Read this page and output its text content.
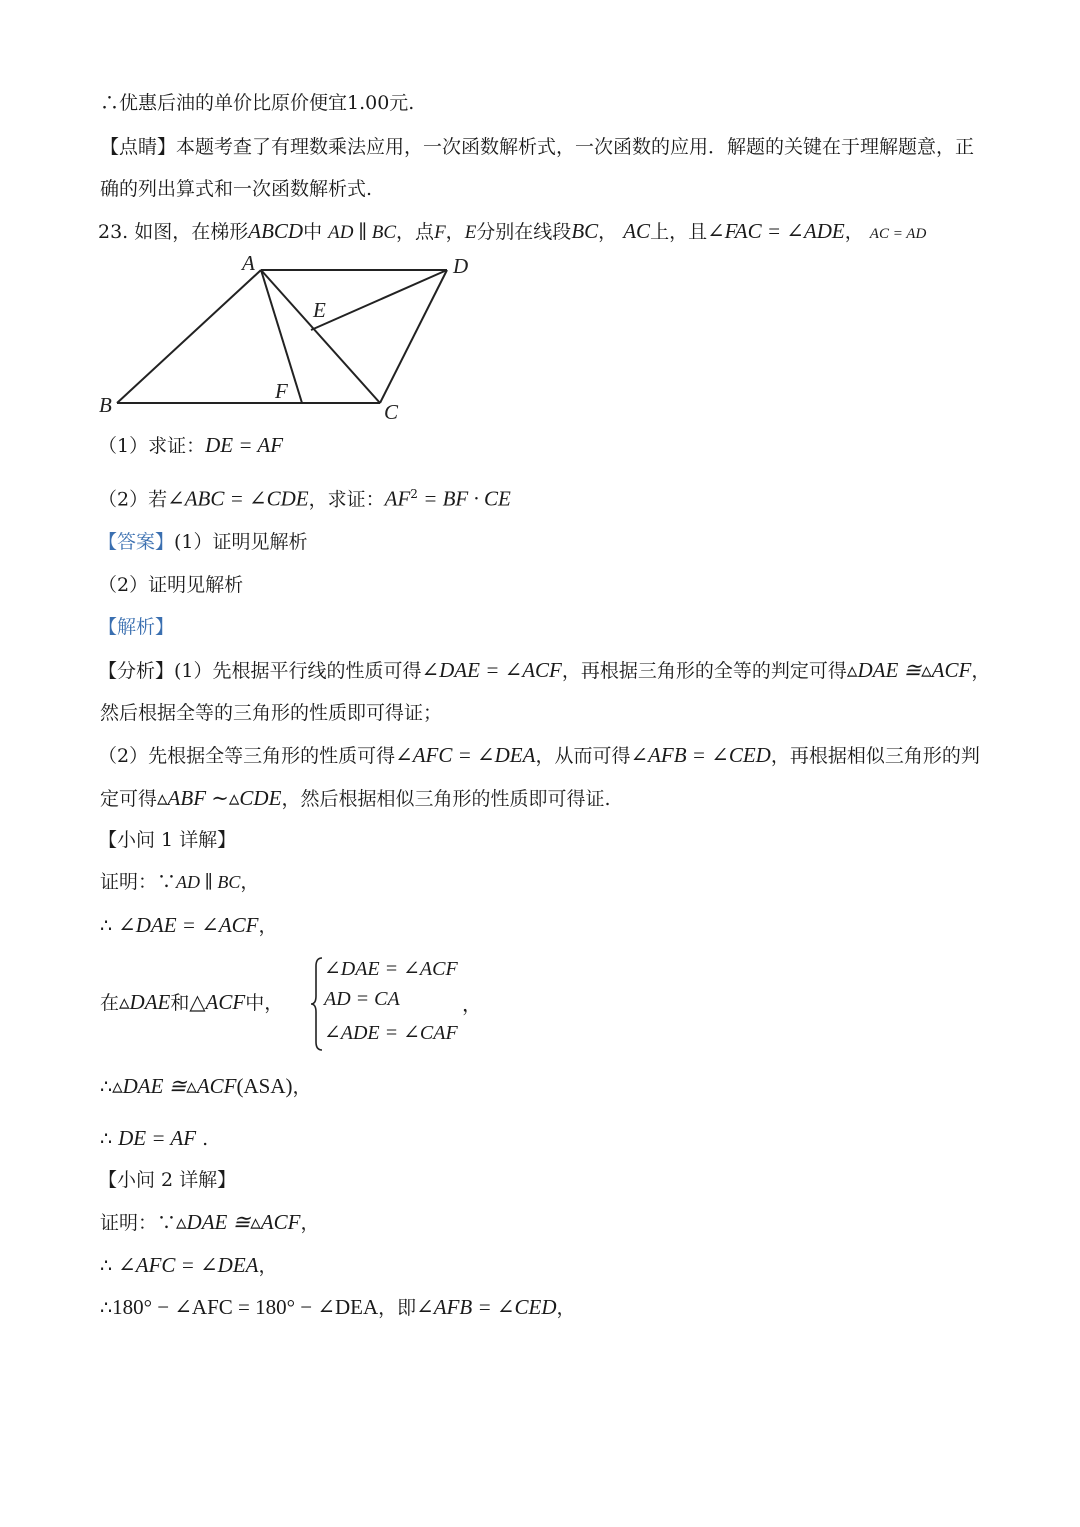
∴优惠后油的单价比原价便宜1.00元.
【点睛】本题考查了有理数乘法应用，一次函数解析式，一次函数的应用．解题的关键在于理解题意，正
确的列出算式和一次函数解析式.
23. 如图，在梯形ABCD中 AD ∥ BC，点F，E分别在线段BC， AC上，且∠FAC = ∠ADE， AC = AD
A	D
E
B
F
C
（1）求证：DE = AF
（2）若∠ABC = ∠CDE，求证：$AF^2$ = BF · CE
【答案】(1）证明见解析
（2）证明见解析
【解析】
【分析】(1）先根据平行线的性质可得∠DAE = ∠ACF，再根据三角形的全等的判定可得▵DAE ≅▵ACF，
然后根据全等的三角形的性质即可得证；
（2）先根据全等三角形的性质可得∠AFC = ∠DEA，从而可得∠AFB = ∠CED，再根据相似三角形的判
定可得▵ABF ∼▵CDE，然后根据相似三角形的性质即可得证.
【小问 1 详解】
证明：∵AD ∥ BC，
∴ ∠DAE = ∠ACF，
在▵DAE和△ACF中，
∠DAE = ∠ACF
AD = CA
∠ADE = ∠CAF
，
∴▵DAE ≅▵ACF(ASA)，
∴ DE = AF .
【小问 2 详解】
证明：∵▵DAE ≅▵ACF，
∴ ∠AFC = ∠DEA，
∴180° − ∠AFC = 180° − ∠DEA，即∠AFB = ∠CED，
